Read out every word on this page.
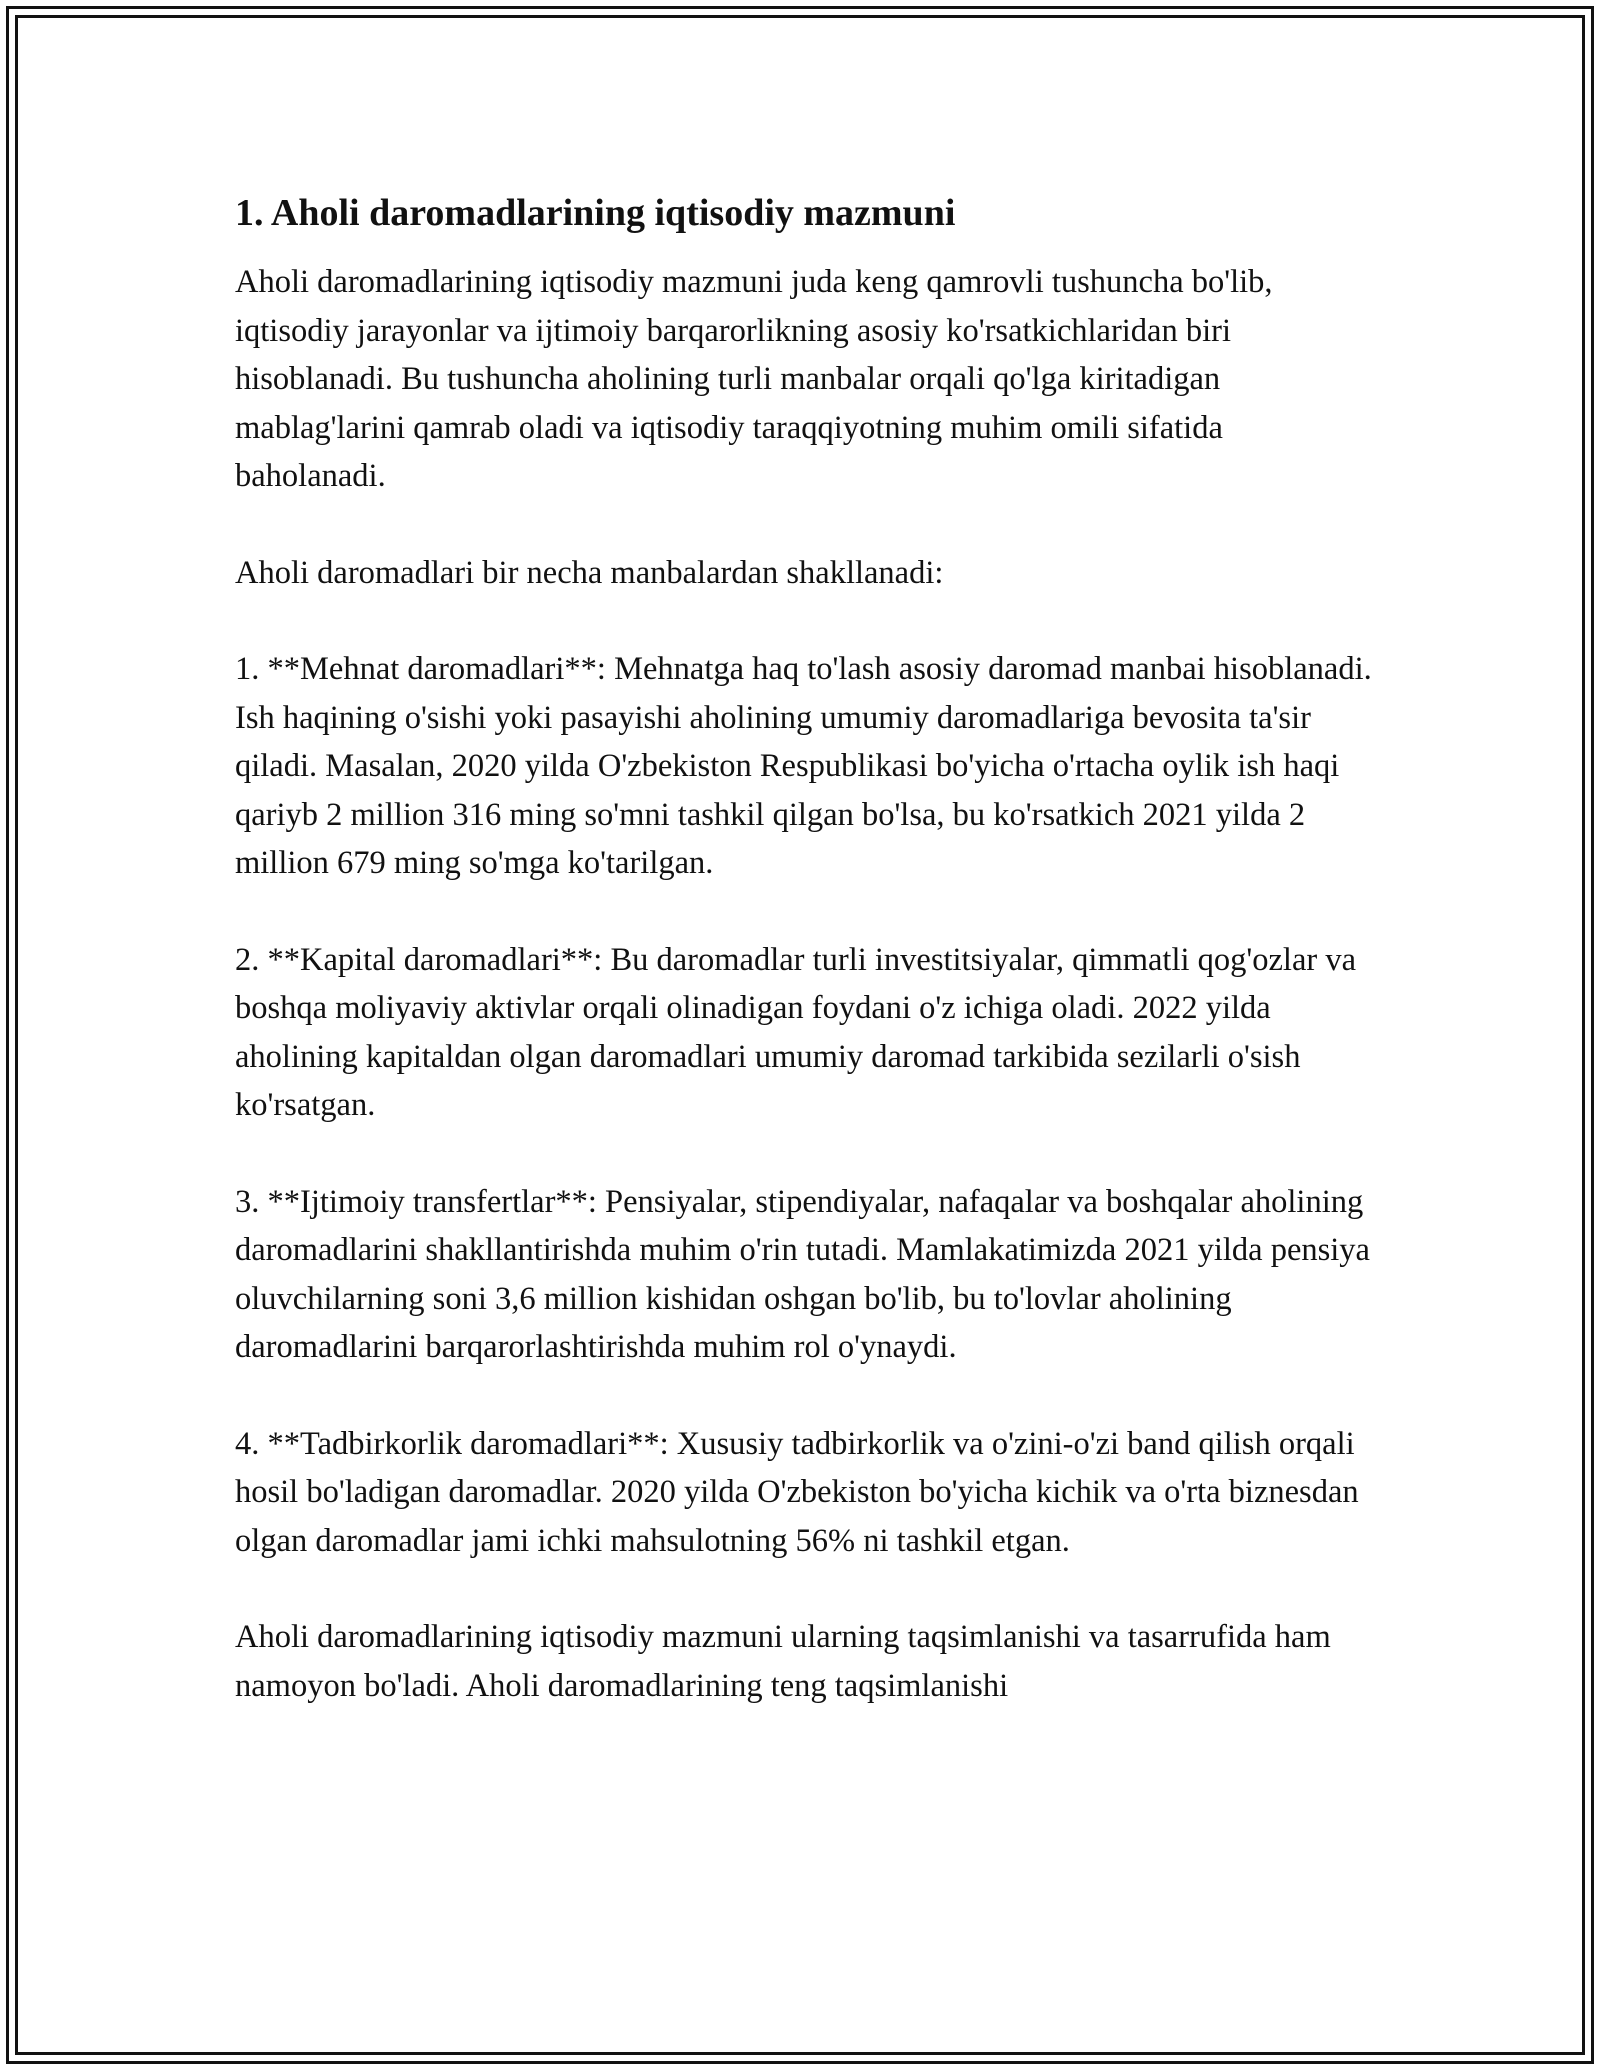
1. Aholi daromadlarining iqtisodiy mazmuni

Aholi daromadlarining iqtisodiy mazmuni juda keng qamrovli tushuncha bo'lib, iqtisodiy jarayonlar va ijtimoiy barqarorlikning asosiy ko'rsatkichlaridan biri hisoblanadi. Bu tushuncha aholining turli manbalar orqali qo'lga kiritadigan mablag'larini qamrab oladi va iqtisodiy taraqqiyotning muhim omili sifatida baholanadi.

Aholi daromadlari bir necha manbalardan shakllanadi:

1. **Mehnat daromadlari**: Mehnatga haq to'lash asosiy daromad manbai hisoblanadi. Ish haqining o'sishi yoki pasayishi aholining umumiy daromadlariga bevosita ta'sir qiladi. Masalan, 2020 yilda O'zbekiston Respublikasi bo'yicha o'rtacha oylik ish haqi qariyb 2 million 316 ming so'mni tashkil qilgan bo'lsa, bu ko'rsatkich 2021 yilda 2 million 679 ming so'mga ko'tarilgan.

2. **Kapital daromadlari**: Bu daromadlar turli investitsiyalar, qimmatli qog'ozlar va boshqa moliyaviy aktivlar orqali olinadigan foydani o'z ichiga oladi. 2022 yilda aholining kapitaldan olgan daromadlari umumiy daromad tarkibida sezilarli o'sish ko'rsatgan.

3. **Ijtimoiy transfertlar**: Pensiyalar, stipendiyalar, nafaqalar va boshqalar aholining daromadlarini shakllantirishda muhim o'rin tutadi. Mamlakatimizda 2021 yilda pensiya oluvchilarning soni 3,6 million kishidan oshgan bo'lib, bu to'lovlar aholining daromadlarini barqarorlashtirishda muhim rol o'ynaydi.

4. **Tadbirkorlik daromadlari**: Xususiy tadbirkorlik va o'zini-o'zi band qilish orqali hosil bo'ladigan daromadlar. 2020 yilda O'zbekiston bo'yicha kichik va o'rta biznesdan olgan daromadlar jami ichki mahsulotning 56% ni tashkil etgan.

Aholi daromadlarining iqtisodiy mazmuni ularning taqsimlanishi va tasarrufida ham namoyon bo'ladi. Aholi daromadlarining teng taqsimlanishi
